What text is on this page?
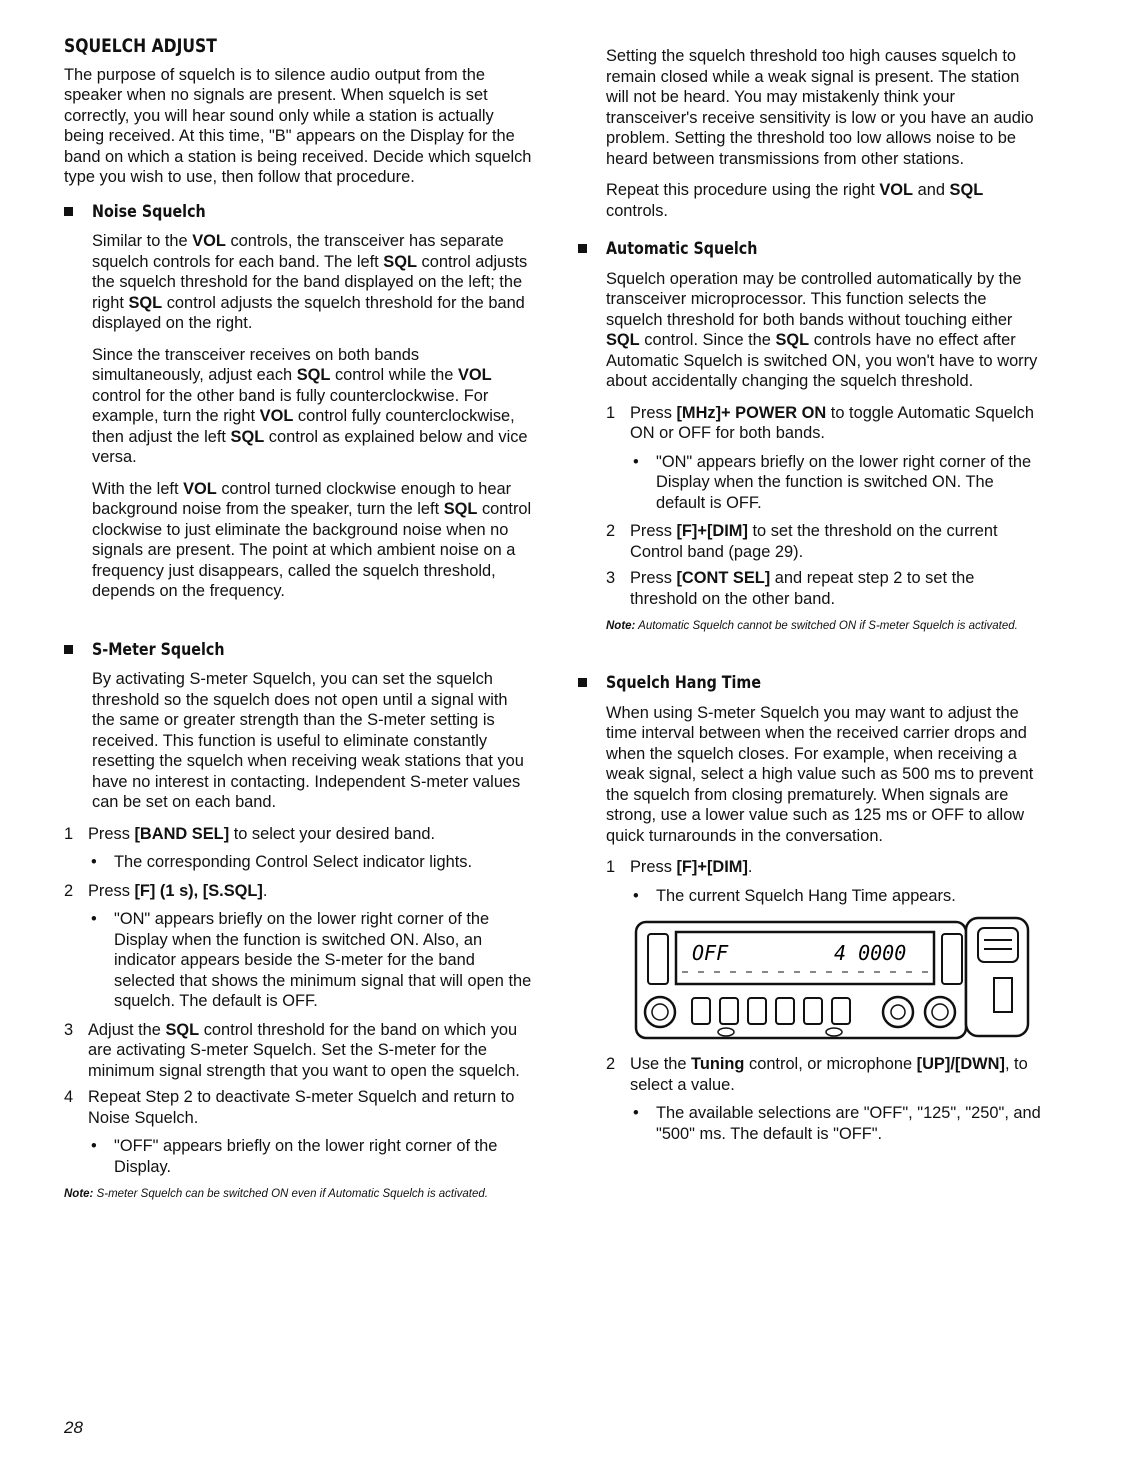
SQUELCH ADJUST

The purpose of squelch is to silence audio output from the speaker when no signals are present. When squelch is set correctly, you will hear sound only while a station is actually being received. At this time, "B" appears on the Display for the band on which a station is being received. Decide which squelch type you wish to use, then follow that procedure.

Noise Squelch

Similar to the VOL controls, the transceiver has separate squelch controls for each band. The left SQL control adjusts the squelch threshold for the band displayed on the left; the right SQL control adjusts the squelch threshold for the band displayed on the right.

Since the transceiver receives on both bands simultaneously, adjust each SQL control while the VOL control for the other band is fully counterclockwise. For example, turn the right VOL control fully counterclockwise, then adjust the left SQL control as explained below and vice versa.

With the left VOL control turned clockwise enough to hear background noise from the speaker, turn the left SQL control clockwise to just eliminate the background noise when no signals are present. The point at which ambient noise on a frequency just disappears, called the squelch threshold, depends on the frequency.

S-Meter Squelch

By activating S-meter Squelch, you can set the squelch threshold so the squelch does not open until a signal with the same or greater strength than the S-meter setting is received. This function is useful to eliminate constantly resetting the squelch when receiving weak stations that you have no interest in contacting. Independent S-meter values can be set on each band.

1 Press [BAND SEL] to select your desired band.
• The corresponding Control Select indicator lights.
2 Press [F] (1 s), [S.SQL].
• "ON" appears briefly on the lower right corner of the Display when the function is switched ON. Also, an indicator appears beside the S-meter for the band selected that shows the minimum signal that will open the squelch. The default is OFF.
3 Adjust the SQL control threshold for the band on which you are activating S-meter Squelch. Set the S-meter for the minimum signal strength that you want to open the squelch.
4 Repeat Step 2 to deactivate S-meter Squelch and return to Noise Squelch.
• "OFF" appears briefly on the lower right corner of the Display.
Note: S-meter Squelch can be switched ON even if Automatic Squelch is activated.

Setting the squelch threshold too high causes squelch to remain closed while a weak signal is present. The station will not be heard. You may mistakenly think your transceiver's receive sensitivity is low or you have an audio problem. Setting the threshold too low allows noise to be heard between transmissions from other stations.

Repeat this procedure using the right VOL and SQL controls.

Automatic Squelch

Squelch operation may be controlled automatically by the transceiver microprocessor. This function selects the squelch threshold for both bands without touching either SQL control. Since the SQL controls have no effect after Automatic Squelch is switched ON, you won't have to worry about accidentally changing the squelch threshold.

1 Press [MHz]+ POWER ON to toggle Automatic Squelch ON or OFF for both bands.
• "ON" appears briefly on the lower right corner of the Display when the function is switched ON. The default is OFF.
2 Press [F]+[DIM] to set the threshold on the current Control band (page 29).
3 Press [CONT SEL] and repeat step 2 to set the threshold on the other band.
Note: Automatic Squelch cannot be switched ON if S-meter Squelch is activated.
Squelch Hang Time

When using S-meter Squelch you may want to adjust the time interval between when the received carrier drops and when the squelch closes. For example, when receiving a weak signal, select a high value such as 500 ms to prevent the squelch from closing prematurely. When signals are strong, use a lower value such as 125 ms or OFF to allow quick turnarounds in the conversation.

1 Press [F]+[DIM].
• The current Squelch Hang Time appears.
OFF	4 0000
2 Use the Tuning control, or microphone [UP]/[DWN], to select a value.
• The available selections are "OFF", "125", "250", and "500" ms. The default is "OFF".
28
